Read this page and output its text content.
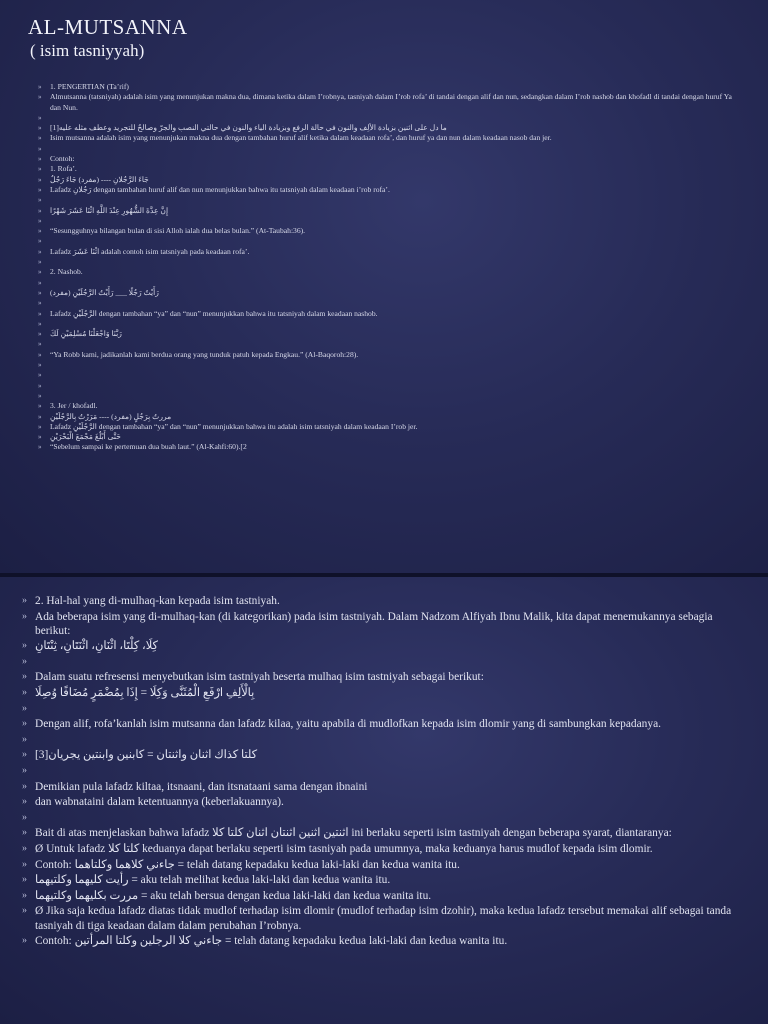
AL-MUTSANNA
( isim tasniyyah)
» 1. PENGERTIAN (Ta’rif)
» Almutsanna (tatsniyah) adalah isim yang menunjukan makna dua, dimana ketika dalam I’robnya, tasniyah dalam I’rob rofa’ di tandai dengan alif dan nun, sedangkan dalam I’rob nashob dan khofadl di tandai dengan huruf Ya dan Nun.
»
» [1]ما دل على اثنين بزيادة الألِف والنون في حالة الرفع وبزيادة الياء والنون في حالتي النصب والجرّ وصالحٌ للتجريد وعطف مثله عليه
» Isim mutsanna adalah isim yang menunjukan makna dua dengan tambahan huruf alif ketika dalam keadaan rofa’, dan huruf ya dan nun dalam keadaan nasob dan jer.
»
» Contoh:
» 1. Rofa’.
» جَاءَ الرَّجُلانِ ---- (مفرد) جَاءَ رَجُلٌ
» Lafadz رَجُلانِ dengan tambahan huruf alif dan nun menunjukkan bahwa itu tatsniyah dalam keadaan i’rob rofa’.
»
» إِنَّ عِدَّةَ الشُّهُورِ عِنْدَ اللَّهِ اثْنَا عَشَرَ شَهْرًا
»
» “Sesungguhnya bilangan bulan di sisi Alloh ialah dua belas bulan.” (At-Taubah:36).
»
» Lafadz اثْنَا عَشَرَ adalah contoh isim tatsniyah pada keadaan rofa’.
»
» 2. Nashob.
»
» (مفرد) رَأَيْتُ رَجُلًا ___ رَأَيْتُ الرَّجُلَيْنِ
»
» Lafadz الرَّجُلَيْنِ dengan tambahan “ya” dan “nun” menunjukkan bahwa itu tatsniyah dalam keadaan nashob.
»
» رَبَّنَا وَاجْعَلْنَا مُسْلِمَيْنِ لَكَ
»
» “Ya Robb kami, jadikanlah kami berdua orang yang tunduk patuh kepada Engkau.” (Al-Baqoroh:28).
»
»
»
»
» 3. Jer / khofadl.
» مررتُ بِرَجُلٍ (مفرد) ---- مَرَرْتُ بِالرَّجُلَيْنِ
» Lafadz الرَّجُلَيْنِ dengan tambahan “ya” dan “nun” menunjukkan bahwa itu adalah isim tatsniyah dalam keadaan I’rob jer.
» حَتَّى أَبْلُغَ مَجْمَعَ الْبَحْرَيْنِ
» “Sebelum sampai ke pertemuan dua buah laut.” (Al-Kahfi:60).[2
» 2. Hal-hal yang di-mulhaq-kan kepada isim tastniyah.
» Ada beberapa isim yang di-mulhaq-kan (di kategorikan) pada isim tastniyah. Dalam Nadzom Alfiyah Ibnu Malik, kita dapat menemukannya sebagia berikut:
» كِلَا، كِلْتَا، اثْنَانِ، اثْنَتَانِ، ثِنْتَانِ
»
» Dalam suatu refresensi menyebutkan isim tastniyah beserta mulhaq isim tastniyah sebagai berikut:
» بِالْأَلِفِ ارْفَعِ الْمُثَنَّى وَكِلَا = إِذَا بِمُضْمَرٍ مُضَافًا وُصِلَا
»
» Dengan alif, rofa’kanlah isim mutsanna dan lafadz kilaa, yaitu apabila di mudlofkan kepada isim dlomir yang di sambungkan kepadanya.
»
» [3]كلتا كذاك اثنان واثنتان = كابنين وابنتين يجريان
»
» Demikian pula lafadz kiltaa, itsnaani, dan itsnataani sama dengan ibnaini
» dan wabnataini dalam ketentuannya (keberlakuannya).
»
» Bait di atas menjelaskan bahwa lafadz اثنتين اثنين اثنتان اثنان كلتا كلا ini berlaku seperti isim tastniyah dengan beberapa syarat, diantaranya:
» Ø Untuk lafadz كلتا كلا keduanya dapat berlaku seperti isim tasniyah pada umumnya, maka keduanya harus mudlof kepada isim dlomir.
» Contoh: جاءني كلاهما وكلتاهما = telah datang kepadaku kedua laki-laki dan kedua wanita itu.
» رأيت كليهما وكلتيهما = aku telah melihat kedua laki-laki dan kedua wanita itu.
» مررت بكليهما وكلتيهما = aku telah bersua dengan kedua laki-laki dan kedua wanita itu.
» Ø Jika saja kedua lafadz diatas tidak mudlof terhadap isim dlomir (mudlof terhadap isim dzohir), maka kedua lafadz tersebut memakai alif sebagai tanda tasniyah di tiga keadaan dalam dalam perubahan I’robnya.
» Contoh: جاءني كلا الرجلين وكلتا المرأتين = telah datang kepadaku kedua laki-laki dan kedua wanita itu.
